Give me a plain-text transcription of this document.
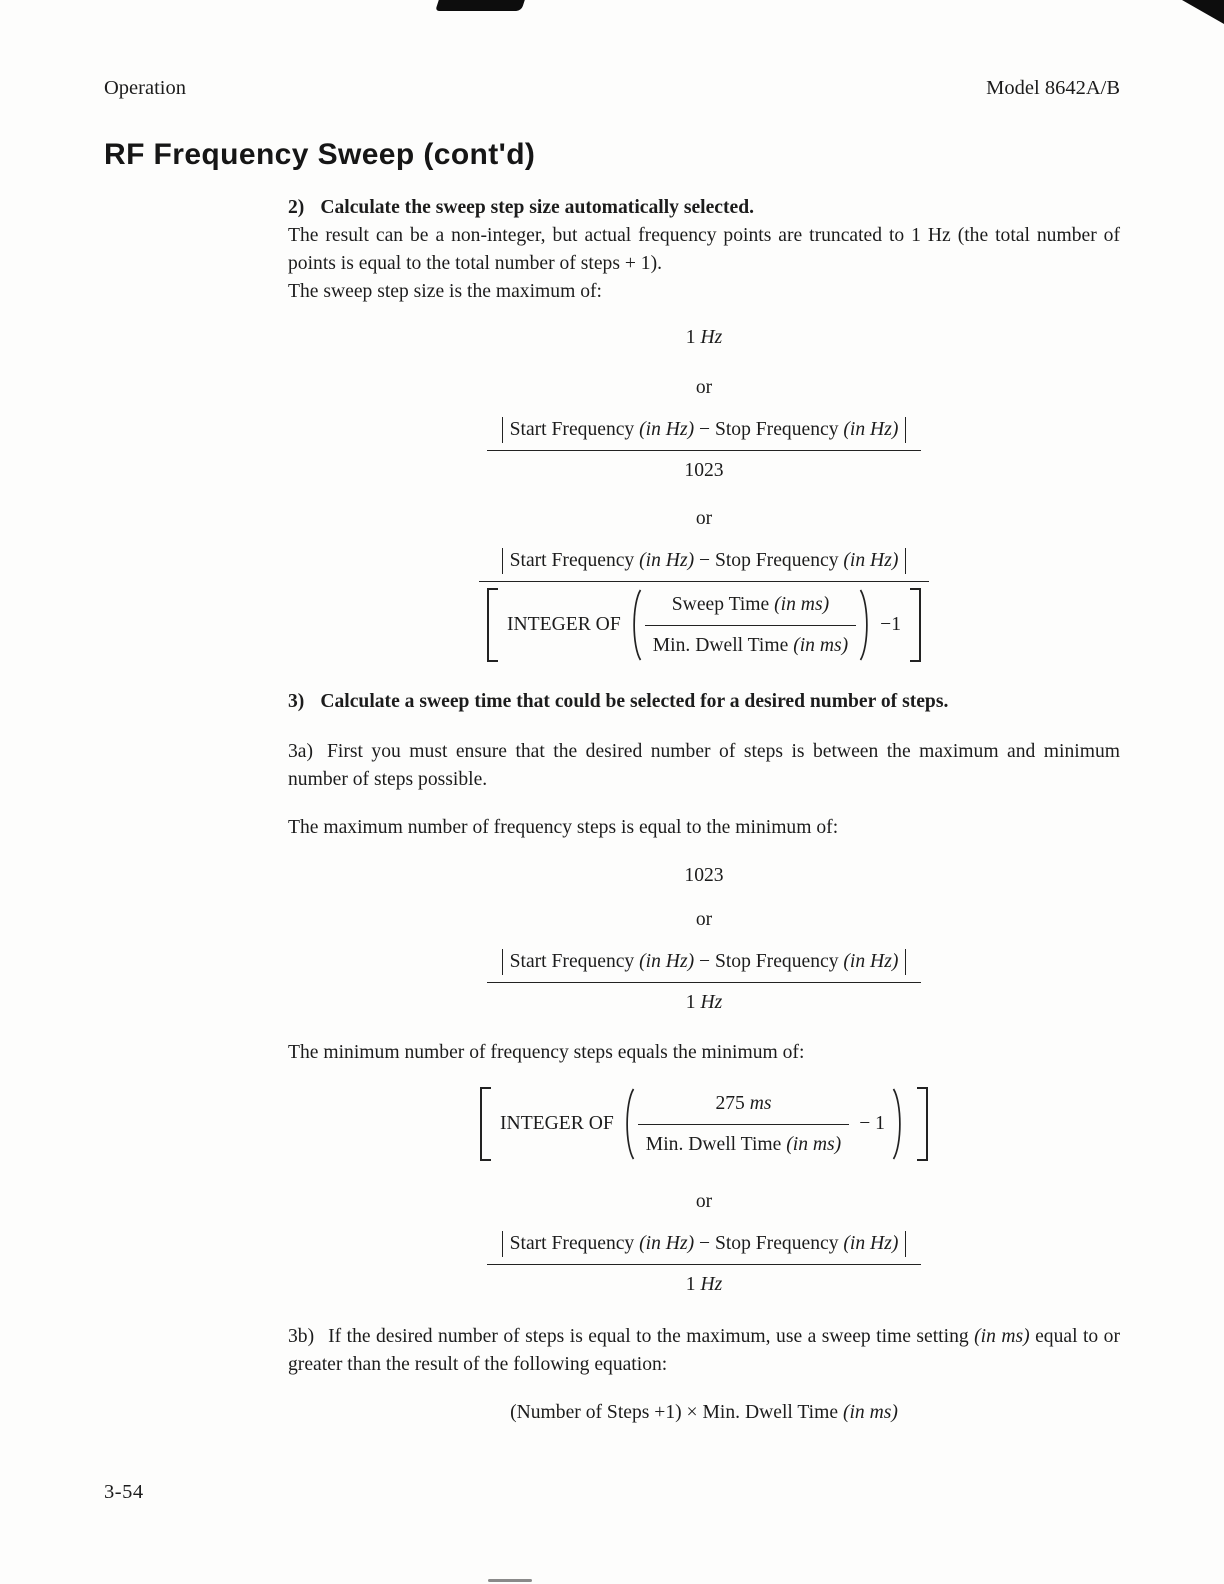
Operation	Model 8642A/B
RF Frequency Sweep (cont'd)

2) Calculate the sweep step size automatically selected.

The result can be a non-integer, but actual frequency points are truncated to 1 Hz (the total number of points is equal to the total number of steps + 1).

The sweep step size is the maximum of:

1 Hz
or
$\frac{\text{Start Frequency (in Hz) − Stop Frequency (in Hz)}}{1023}$
or
Start Frequency (in Hz) − Stop Frequency (in Hz)
INTEGER OF $\frac{\text{Sweep Time (in ms)}}{\text{Min. Dwell Time (in ms)}} -1$

3) Calculate a sweep time that could be selected for a desired number of steps.

3a) First you must ensure that the desired number of steps is between the maximum and minimum number of steps possible.

The maximum number of frequency steps is equal to the minimum of:

1023
or
$\frac{\text{Start Frequency (in Hz) − Stop Frequency (in Hz)}}{1 Hz}$

The minimum number of frequency steps equals the minimum of:

INTEGER OF $\frac{275 ms}{\text{Min. Dwell Time (in ms)}} - 1$
or
$\frac{\text{Start Frequency (in Hz) − Stop Frequency (in Hz)}}{1 Hz}$

3b) If the desired number of steps is equal to the maximum, use a sweep time setting (in ms) equal to or greater than the result of the following equation:

(Number of Steps +1) × Min. Dwell Time (in ms)
3-54
